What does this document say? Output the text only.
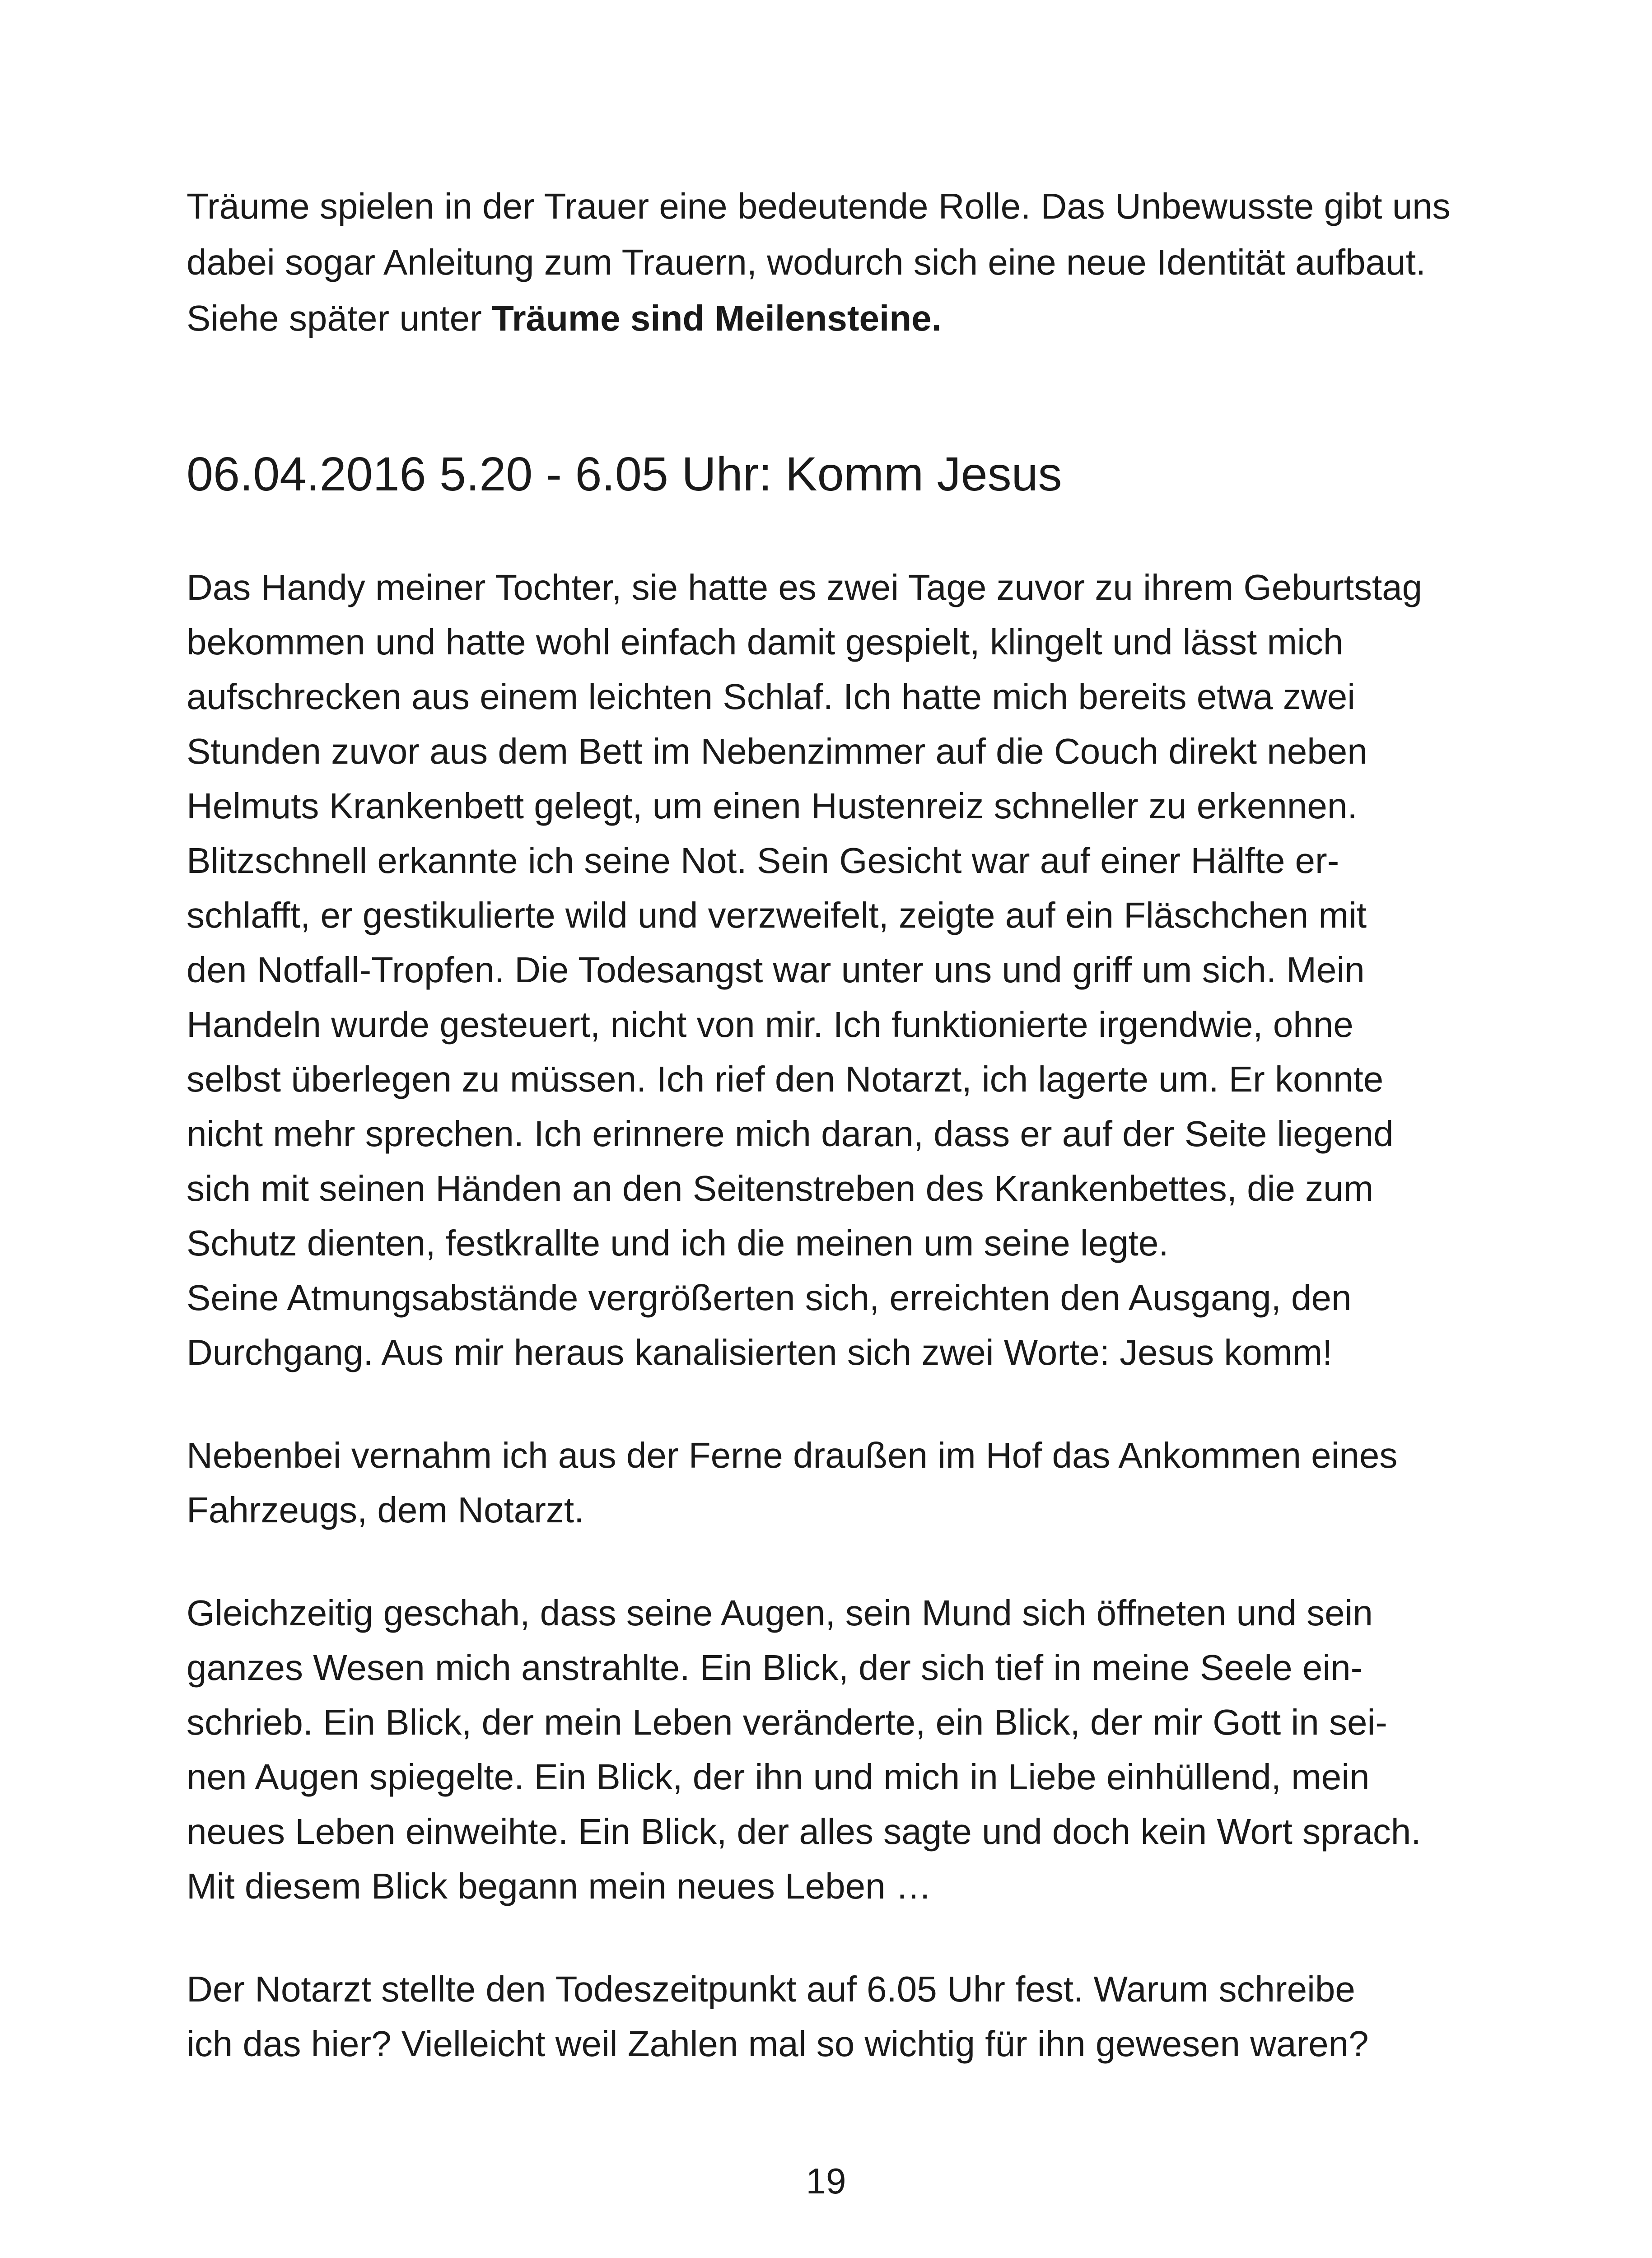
Träume spielen in der Trauer eine bedeutende Rolle. Das Unbewusste gibt uns dabei sogar Anleitung zum Trauern, wodurch sich eine neue Identität aufbaut. Siehe später unter Träume sind Meilensteine.

06.04.2016 5.20 - 6.05 Uhr: Komm Jesus

Das Handy meiner Tochter, sie hatte es zwei Tage zuvor zu ihrem Geburtstag
bekommen und hatte wohl einfach damit gespielt, klingelt und lässt mich
aufschrecken aus einem leichten Schlaf. Ich hatte mich bereits etwa zwei
Stunden zuvor aus dem Bett im Nebenzimmer auf die Couch direkt neben
Helmuts Krankenbett gelegt, um einen Hustenreiz schneller zu erkennen.
Blitzschnell erkannte ich seine Not. Sein Gesicht war auf einer Hälfte er-
schlafft, er gestikulierte wild und verzweifelt, zeigte auf ein Fläschchen mit
den Notfall-Tropfen. Die Todesangst war unter uns und griff um sich. Mein
Handeln wurde gesteuert, nicht von mir. Ich funktionierte irgendwie, ohne
selbst überlegen zu müssen. Ich rief den Notarzt, ich lagerte um. Er konnte
nicht mehr sprechen. Ich erinnere mich daran, dass er auf der Seite liegend
sich mit seinen Händen an den Seitenstreben des Krankenbettes, die zum
Schutz dienten, festkrallte und ich die meinen um seine legte.
Seine Atmungsabstände vergrößerten sich, erreichten den Ausgang, den
Durchgang. Aus mir heraus kanalisierten sich zwei Worte: Jesus komm!

Nebenbei vernahm ich aus der Ferne draußen im Hof das Ankommen eines
Fahrzeugs, dem Notarzt.

Gleichzeitig geschah, dass seine Augen, sein Mund sich öffneten und sein
ganzes Wesen mich anstrahlte. Ein Blick, der sich tief in meine Seele ein-
schrieb. Ein Blick, der mein Leben veränderte, ein Blick, der mir Gott in sei-
nen Augen spiegelte. Ein Blick, der ihn und mich in Liebe einhüllend, mein
neues Leben einweihte. Ein Blick, der alles sagte und doch kein Wort sprach.
Mit diesem Blick begann mein neues Leben …

Der Notarzt stellte den Todeszeitpunkt auf 6.05 Uhr fest. Warum schreibe
ich das hier? Vielleicht weil Zahlen mal so wichtig für ihn gewesen waren?

19
